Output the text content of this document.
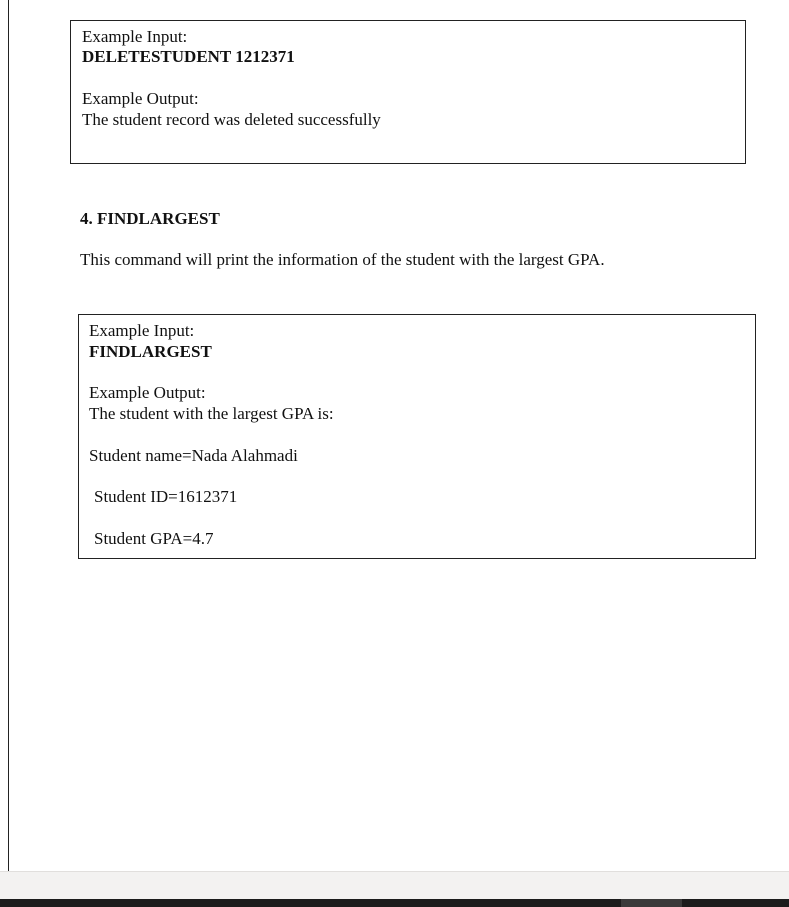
Example Input:
DELETESTUDENT 1212371
Example Output:
The student record was deleted successfully
4. FINDLARGEST
This command will print the information of the student with the largest GPA.
Example Input:
FINDLARGEST
Example Output:
The student with the largest GPA is:
Student name=Nada Alahmadi
Student ID=1612371
Student GPA=4.7
